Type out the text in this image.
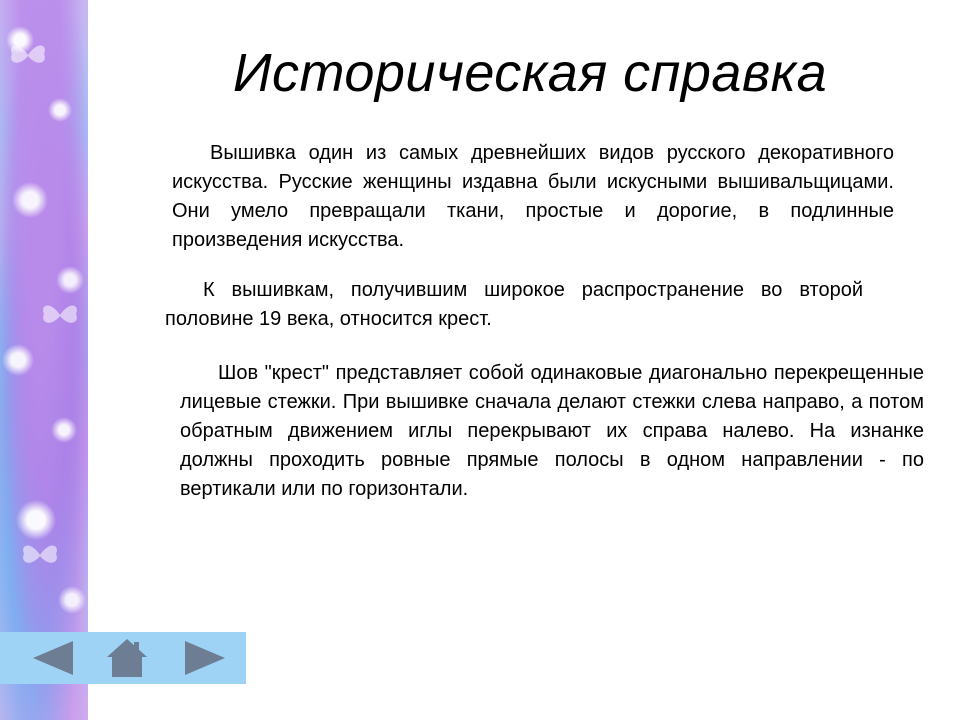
Историческая справка

Вышивка один из самых древнейших видов русского декоративного искусства. Русские женщины издавна были искусными вышивальщицами. Они умело превращали ткани, простые и дорогие, в подлинные произведения искусства.

К вышивкам, получившим широкое распространение во второй половине 19 века, относится крест.

Шов "крест" представляет собой одинаковые диагонально перекрещенные лицевые стежки. При вышивке сначала делают стежки слева направо, а потом обратным движением иглы перекрывают их справа налево. На изнанке должны проходить ровные прямые полосы в одном направлении - по вертикали или по горизонтали.
